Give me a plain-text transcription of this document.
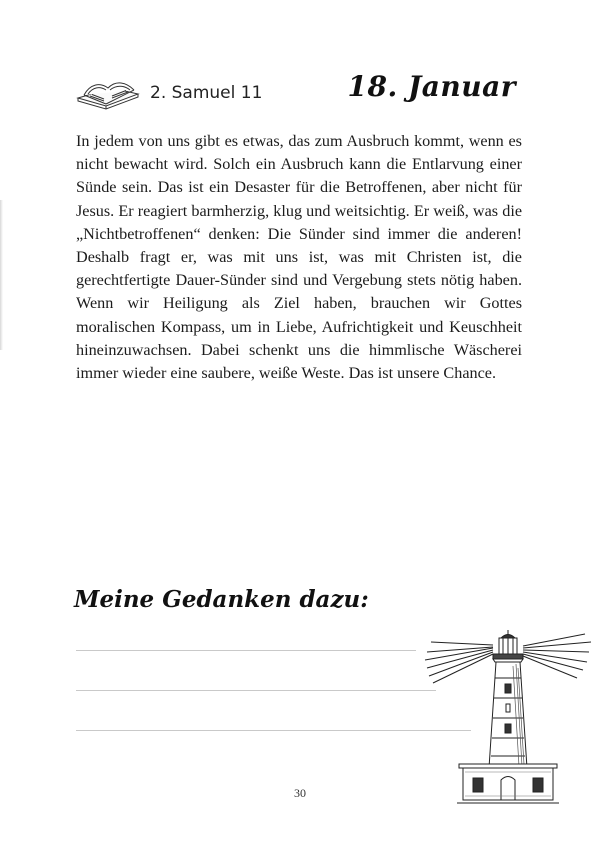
2. Samuel 11	18. Januar

In jedem von uns gibt es etwas, das zum Ausbruch kommt, wenn es nicht bewacht wird. Solch ein Ausbruch kann die Entlarvung einer Sünde sein. Das ist ein Desaster für die Betroffenen, aber nicht für Jesus. Er reagiert barmherzig, klug und weitsichtig. Er weiß, was die „Nichtbetroffenen“ denken: Die Sünder sind immer die anderen! Deshalb fragt er, was mit uns ist, was mit Christen ist, die gerechtfertigte Dauer-Sünder sind und Vergebung stets nötig haben. Wenn wir Heiligung als Ziel haben, brauchen wir Gottes moralischen Kompass, um in Liebe, Aufrichtigkeit und Keuschheit hineinzuwachsen. Dabei schenkt uns die himmlische Wäscherei immer wieder eine saubere, weiße Weste. Das ist unsere Chance.

Meine Gedanken dazu:
30
